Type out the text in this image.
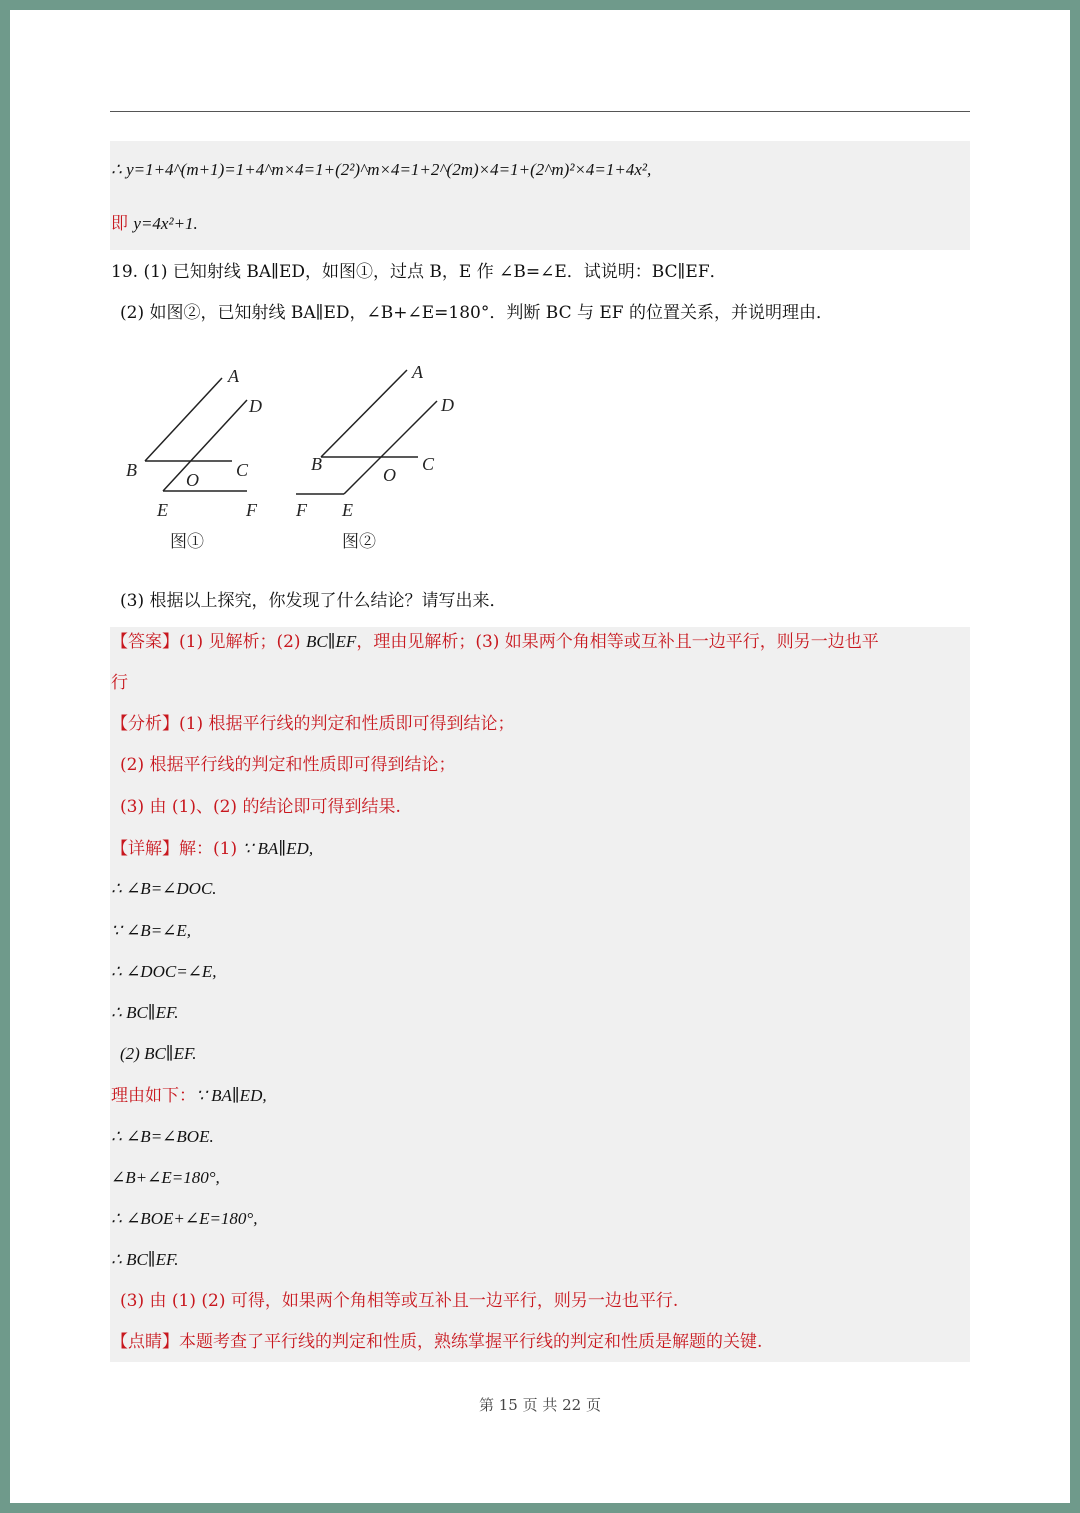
∴ y=1+4^(m+1)=1+4^m×4=1+(2²)^m×4=1+2^(2m)×4=1+(2^m)²×4=1+4x²,
即 y=4x²+1.
19. (1) 已知射线 BA∥ED，如图①，过点 B，E 作 ∠B=∠E．试说明：BC∥EF．
(2) 如图②，已知射线 BA∥ED，∠B+∠E=180°．判断 BC 与 EF 的位置关系，并说明理由．
A
D
B	C
O
E	F
A
D
B	C
O
F E
图①	图②
(3) 根据以上探究，你发现了什么结论？请写出来．
【答案】(1) 见解析；(2) BC∥EF，理由见解析；(3) 如果两个角相等或互补且一边平行，则另一边也平
行
【分析】(1) 根据平行线的判定和性质即可得到结论；
(2) 根据平行线的判定和性质即可得到结论；
(3) 由 (1)、(2) 的结论即可得到结果.
【详解】解：(1) ∵ BA∥ED,
∴ ∠B=∠DOC.
∵ ∠B=∠E,
∴ ∠DOC=∠E,
∴ BC∥EF.
(2) BC∥EF.
理由如下：∵ BA∥ED,
∴ ∠B=∠BOE.
∠B+∠E=180°,
∴ ∠BOE+∠E=180°,
∴ BC∥EF.
(3) 由 (1) (2) 可得，如果两个角相等或互补且一边平行，则另一边也平行.
【点睛】本题考查了平行线的判定和性质，熟练掌握平行线的判定和性质是解题的关键.
第 15 页 共 22 页
